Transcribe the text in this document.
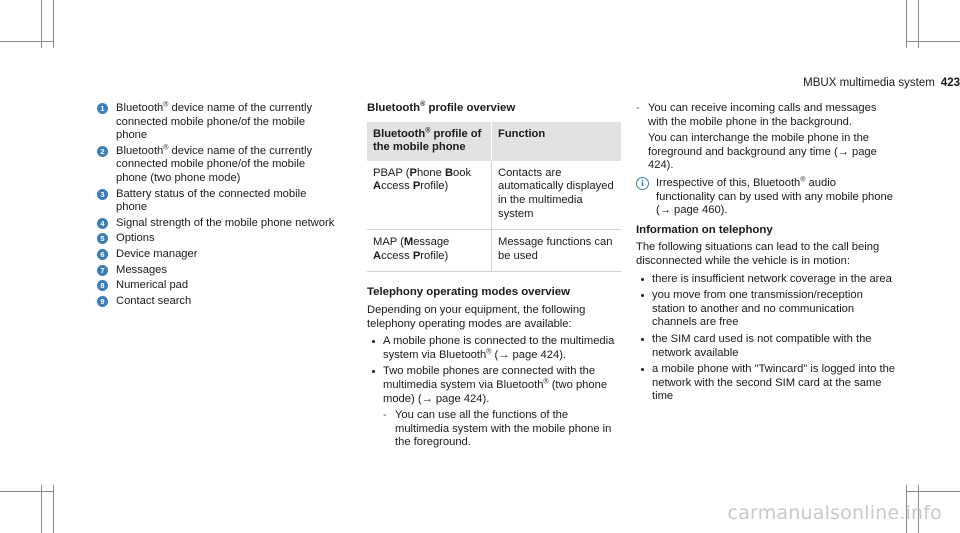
MBUX multimedia system 423
1	Bluetooth® device name of the currently connected mobile phone/of the mobile phone
2	Bluetooth® device name of the currently connected mobile phone/of the mobile phone (two phone mode)
3	Battery status of the connected mobile phone
4	Signal strength of the mobile phone network
5	Options
6	Device manager
7	Messages
8	Numerical pad
9	Contact search
Bluetooth® profile overview
Bluetooth® profile of the mobile phone	Function
PBAP (Phone Book
Access Profile)	Contacts are automatically displayed in the multimedia system
MAP (Message
Access Profile)	Message functions can be used
Telephony operating modes overview

Depending on your equipment, the following telephony operating modes are available:

A mobile phone is connected to the multimedia system via Bluetooth® (→ page 424).
Two mobile phones are connected with the multimedia system via Bluetooth® (two phone mode) (→ page 424).
- You can use all the functions of the multimedia system with the mobile phone in the foreground.
- You can receive incoming calls and messages with the mobile phone in the background.

You can interchange the mobile phone in the foreground and background any time (→ page 424).

i	Irrespective of this, Bluetooth® audio functionality can by used with any mobile phone (→ page 460).
Information on telephony

The following situations can lead to the call being disconnected while the vehicle is in motion:

there is insufficient network coverage in the area
you move from one transmission/reception station to another and no communication channels are free
the SIM card used is not compatible with the network available
a mobile phone with "Twincard" is logged into the network with the second SIM card at the same time
carmanualsonline.info
